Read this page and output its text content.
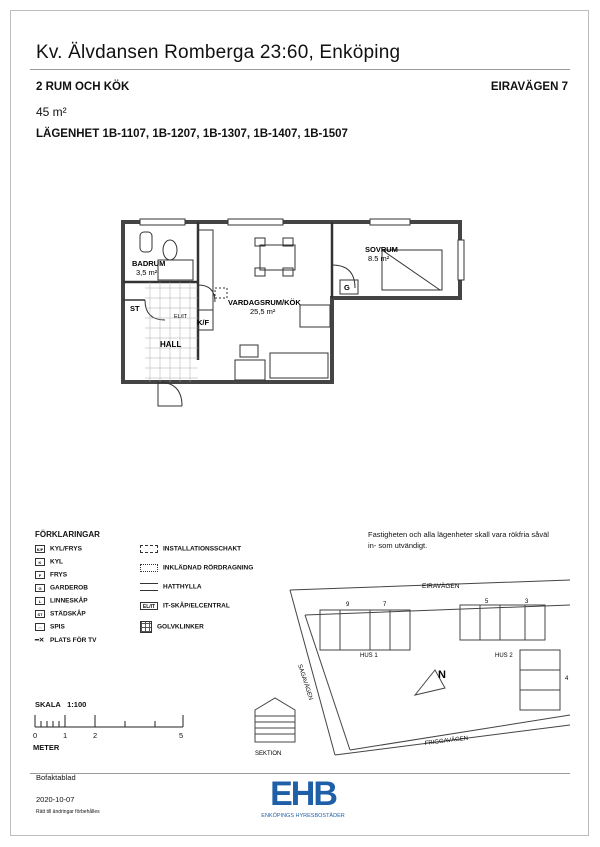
Kv. Älvdansen Romberga 23:60, Enköping
2 RUM OCH KÖK	EIRAVÄGEN 7
45 m²
LÄGENHET 1B-1107, 1B-1207, 1B-1307, 1B-1407, 1B-1507
BADRUM
3,5 m²
SOVRUM
8.5 m²
VARDAGSRUM/KÖK
25,5 m²
HALL
ST
EL/IT
K/F
G
FÖRKLARINGAR
K/F KYL/FRYS
K KYL
F FRYS
G GARDEROB
L LINNESKÅP
ST STÄDSKÅP
◦◦ SPIS
━✕ PLATS FÖR TV
INSTALLATIONSSCHAKT
INKLÄDNAD RÖRDRAGNING
HATTHYLLA
EL/IT IT-SKÅP/ELCENTRAL
GOLVKLINKER
SKALA 1:100
0	1	2	5
METER
Fastigheten och alla lägenheter skall vara rökfria såväl in- som utvändigt.
EIRAVÄGEN
SAGAVÄGEN
FRIGGAVÄGEN
HUS 1	HUS 2
SEKTION
N
9	7	5	3
4
Bofaktablad
2020-10-07
Rätt till ändringar förbehålles	EHB
ENKÖPINGS HYRESBOSTÄDER
